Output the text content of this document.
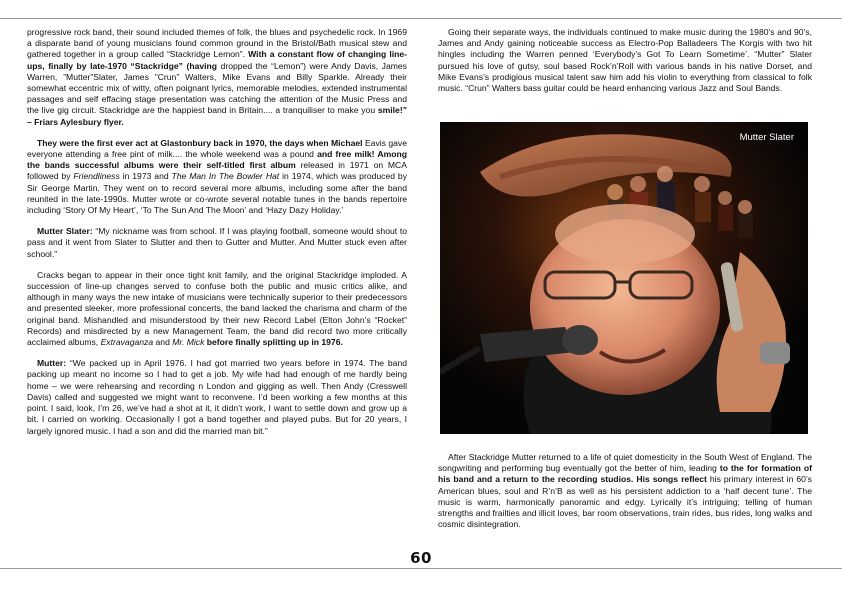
progressive rock band, their sound included themes of folk, the blues and psychedelic rock. In 1969 a disparate band of young musicians found common ground in the Bristol/Bath musical stew and gathered together in a group called “Stackridge Lemon”. With a constant flow of changing line-ups, finally by late-1970 “Stackridge” (having dropped the “Lemon”) were Andy Davis, James Warren, ”Mutter”Slater, James ”Crun” Walters, Mike Evans and Billy Sparkle. Already their somewhat eccentric mix of witty, often poignant lyrics, memorable melodies, extended instrumental passages and self effacing stage presentation was catching the attention of the Music Press and the live gig circuit. Stackridge are the happiest band in Britain.... a tranquiliser to make you smile!” – Friars Aylesbury flyer.

They were the first ever act at Glastonbury back in 1970, the days when Michael Eavis gave everyone attending a free pint of milk.... the whole weekend was a pound and free milk! Among the bands successful albums were their self-titled first album released in 1971 on MCA followed by Friendliness in 1973 and The Man In The Bowler Hat in 1974, which was produced by Sir George Martin. They went on to record several more albums, including some after the band reunited in the late-1990s. Mutter wrote or co-wrote several notable tunes in the bands repertoire including ‘Story Of My Heart’, ‘To The Sun And The Moon’ and ‘Hazy Dazy Holiday.’

Mutter Slater: “My nickname was from school. If I was playing football, someone would shout to pass and it went from Slater to Slutter and then to Gutter and Mutter. And Mutter stuck even after school.”

Cracks began to appear in their once tight knit family, and the original Stackridge imploded. A succession of line-up changes served to confuse both the public and music critics alike, and although in many ways the new intake of musicians were technically superior to their predecessors and presented sleeker, more professional concerts, the band lacked the charisma and charm of the original band. Mishandled and misunderstood by their new Record Label (Elton John’s “Rocket” Records) and misdirected by a new Management Team, the band did record two more critically acclaimed albums, Extravaganza and Mr. Mick before finally splitting up in 1976.

Mutter: “We packed up in April 1976. I had got married two years before in 1974. The band packing up meant no income so I had to get a job. My wife had had enough of me hardly being home – we were rehearsing and recording n London and gigging as well. Then Andy (Cresswell Davis) called and suggested we might want to reconvene. I’d been working a few months at this point. I said, look, I’m 26, we’ve had a shot at it, it didn’t work, I want to settle down and grow up a bit. I carried on working. Occasionally I got a band together and played pubs. But for 20 years, I largely ignored music. I had a son and did the married man bit.”

Going their separate ways, the individuals continued to make music during the 1980’s and 90’s, James and Andy gaining noticeable success as Electro-Pop Balladeers The Korgis with two hit hingles including the Warren penned ‘Everybody’s Got To Learn Sometime’. “Mutter” Slater pursued his love of gutsy, soul based Rock’n’Roll with various bands in his native Dorset, and Mike Evans’s prodigious musical talent saw him add his violin to everything from classical to folk music. “Crun” Walters bass guitar could be heard enhancing various Jazz and Soul Bands.

Mutter Slater

After Stackridge Mutter returned to a life of quiet domesticity in the South West of England. The songwriting and performing bug eventually got the better of him, leading to the for formation of his band and a return to the recording studios. His songs reflect his primary interest in 60’s American blues, soul and R’n’B as well as his persistent addiction to a ‘half decent tune’. The music is warm, harmonically panoramic and edgy. Lyrically it’s intriguing; telling of human strengths and frailties and illicit loves, bar room observations, train rides, bus rides, long walks and cosmic disintegration.

60
